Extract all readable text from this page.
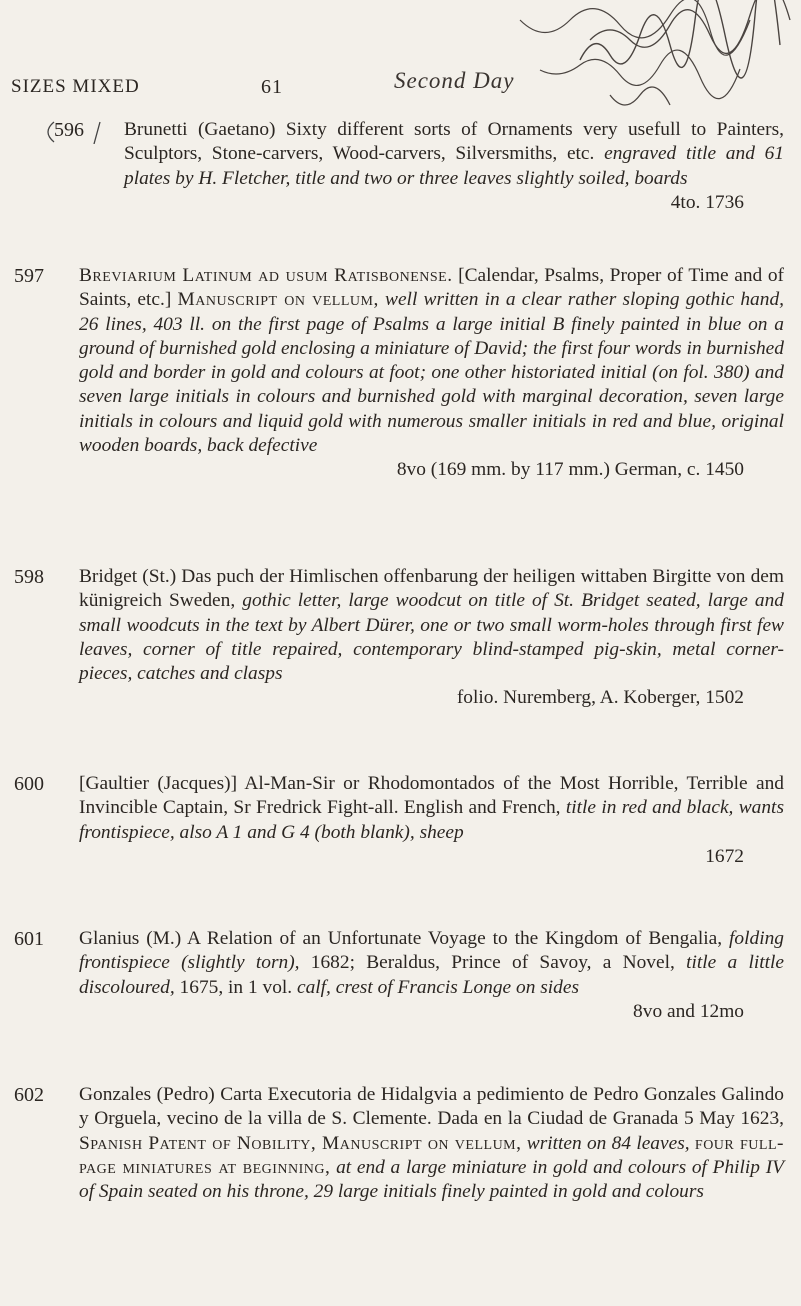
SIZES MIXED	61	Second Day
596	Brunetti (Gaetano) Sixty different sorts of Ornaments very usefull to Painters, Sculptors, Stone-carvers, Wood-carvers, Silversmiths, etc. engraved title and 61 plates by H. Fletcher, title and two or three leaves slightly soiled, boards
4to. 1736
597	Breviarium Latinum ad usum Ratisbonense. [Calendar, Psalms, Proper of Time and of Saints, etc.] Manuscript on vellum, well written in a clear rather sloping gothic hand, 26 lines, 403 ll. on the first page of Psalms a large initial B finely painted in blue on a ground of burnished gold enclosing a miniature of David; the first four words in burnished gold and border in gold and colours at foot; one other historiated initial (on fol. 380) and seven large initials in colours and burnished gold with marginal decoration, seven large initials in colours and liquid gold with numerous smaller initials in red and blue, original wooden boards, back defective
8vo (169 mm. by 117 mm.) German, c. 1450
598	Bridget (St.) Das puch der Himlischen offenbarung der heiligen wittaben Birgitte von dem künigreich Sweden, gothic letter, large woodcut on title of St. Bridget seated, large and small woodcuts in the text by Albert Dürer, one or two small worm-holes through first few leaves, corner of title repaired, contemporary blind-stamped pig-skin, metal corner-pieces, catches and clasps
folio. Nuremberg, A. Koberger, 1502
600	[Gaultier (Jacques)] Al-Man-Sir or Rhodomontados of the Most Horrible, Terrible and Invincible Captain, Sr Fredrick Fight-all. English and French, title in red and black, wants frontispiece, also A 1 and G 4 (both blank), sheep
1672
601	Glanius (M.) A Relation of an Unfortunate Voyage to the Kingdom of Bengalia, folding frontispiece (slightly torn), 1682; Beraldus, Prince of Savoy, a Novel, title a little discoloured, 1675, in 1 vol. calf, crest of Francis Longe on sides
8vo and 12mo
602	Gonzales (Pedro) Carta Executoria de Hidalgvia a pedimiento de Pedro Gonzales Galindo y Orguela, vecino de la villa de S. Clemente. Dada en la Ciudad de Granada 5 May 1623, Spanish Patent of Nobility, Manuscript on vellum, written on 84 leaves, four full-page miniatures at beginning, at end a large miniature in gold and colours of Philip IV of Spain seated on his throne, 29 large initials finely painted in gold and colours
